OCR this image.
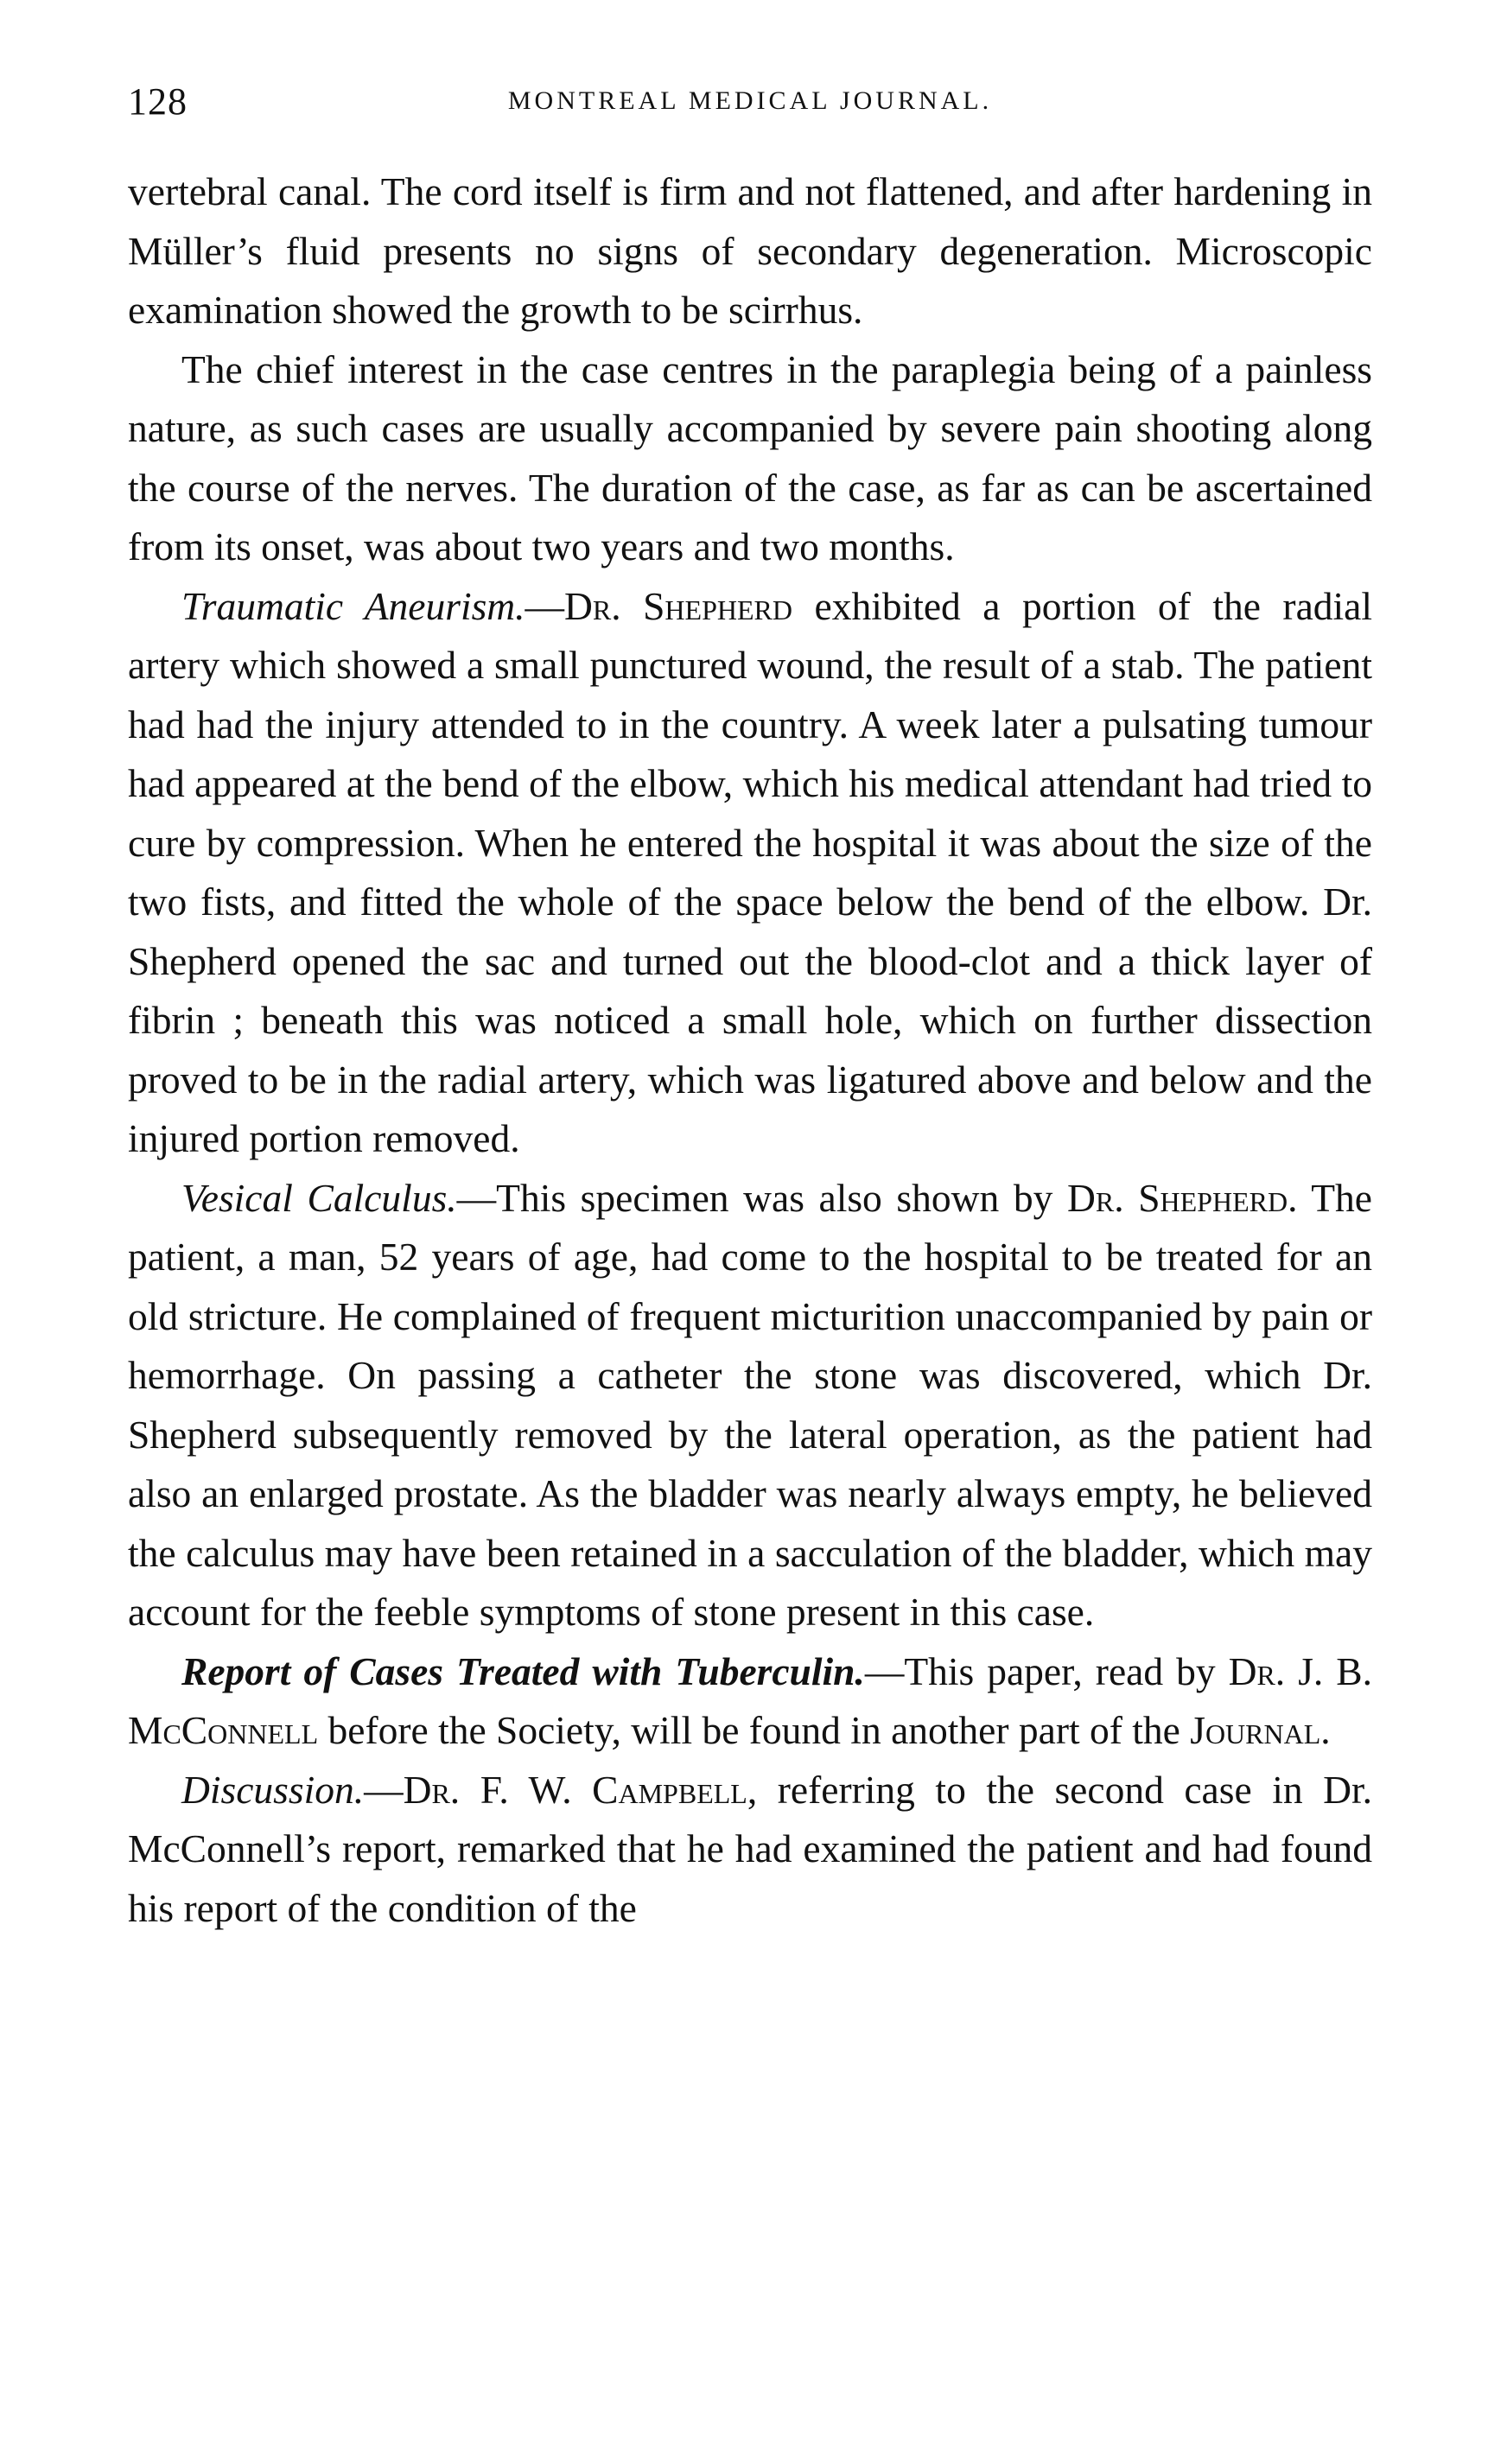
128	MONTREAL MEDICAL JOURNAL.

vertebral canal. The cord itself is firm and not flattened, and after hardening in Müller’s fluid presents no signs of secondary degeneration. Microscopic examination showed the growth to be scirrhus.

The chief interest in the case centres in the paraplegia being of a painless nature, as such cases are usually accompanied by severe pain shooting along the course of the nerves. The duration of the case, as far as can be ascertained from its onset, was about two years and two months.

Traumatic Aneurism.—Dr. Shepherd exhibited a portion of the radial artery which showed a small punctured wound, the result of a stab. The patient had had the injury attended to in the country. A week later a pulsating tumour had appeared at the bend of the elbow, which his medical attendant had tried to cure by compression. When he entered the hospital it was about the size of the two fists, and fitted the whole of the space below the bend of the elbow. Dr. Shepherd opened the sac and turned out the blood-clot and a thick layer of fibrin ; beneath this was noticed a small hole, which on further dissection proved to be in the radial artery, which was ligatured above and below and the injured portion removed.

Vesical Calculus.—This specimen was also shown by Dr. Shepherd. The patient, a man, 52 years of age, had come to the hospital to be treated for an old stricture. He complained of frequent micturition unaccompanied by pain or hemorrhage. On passing a catheter the stone was discovered, which Dr. Shepherd subsequently removed by the lateral operation, as the patient had also an enlarged prostate. As the bladder was nearly always empty, he believed the calculus may have been retained in a sacculation of the bladder, which may account for the feeble symptoms of stone present in this case.

Report of Cases Treated with Tuberculin.—This paper, read by Dr. J. B. McConnell before the Society, will be found in another part of the Journal.

Discussion.—Dr. F. W. Campbell, referring to the second case in Dr. McConnell’s report, remarked that he had examined the patient and had found his report of the condition of the
